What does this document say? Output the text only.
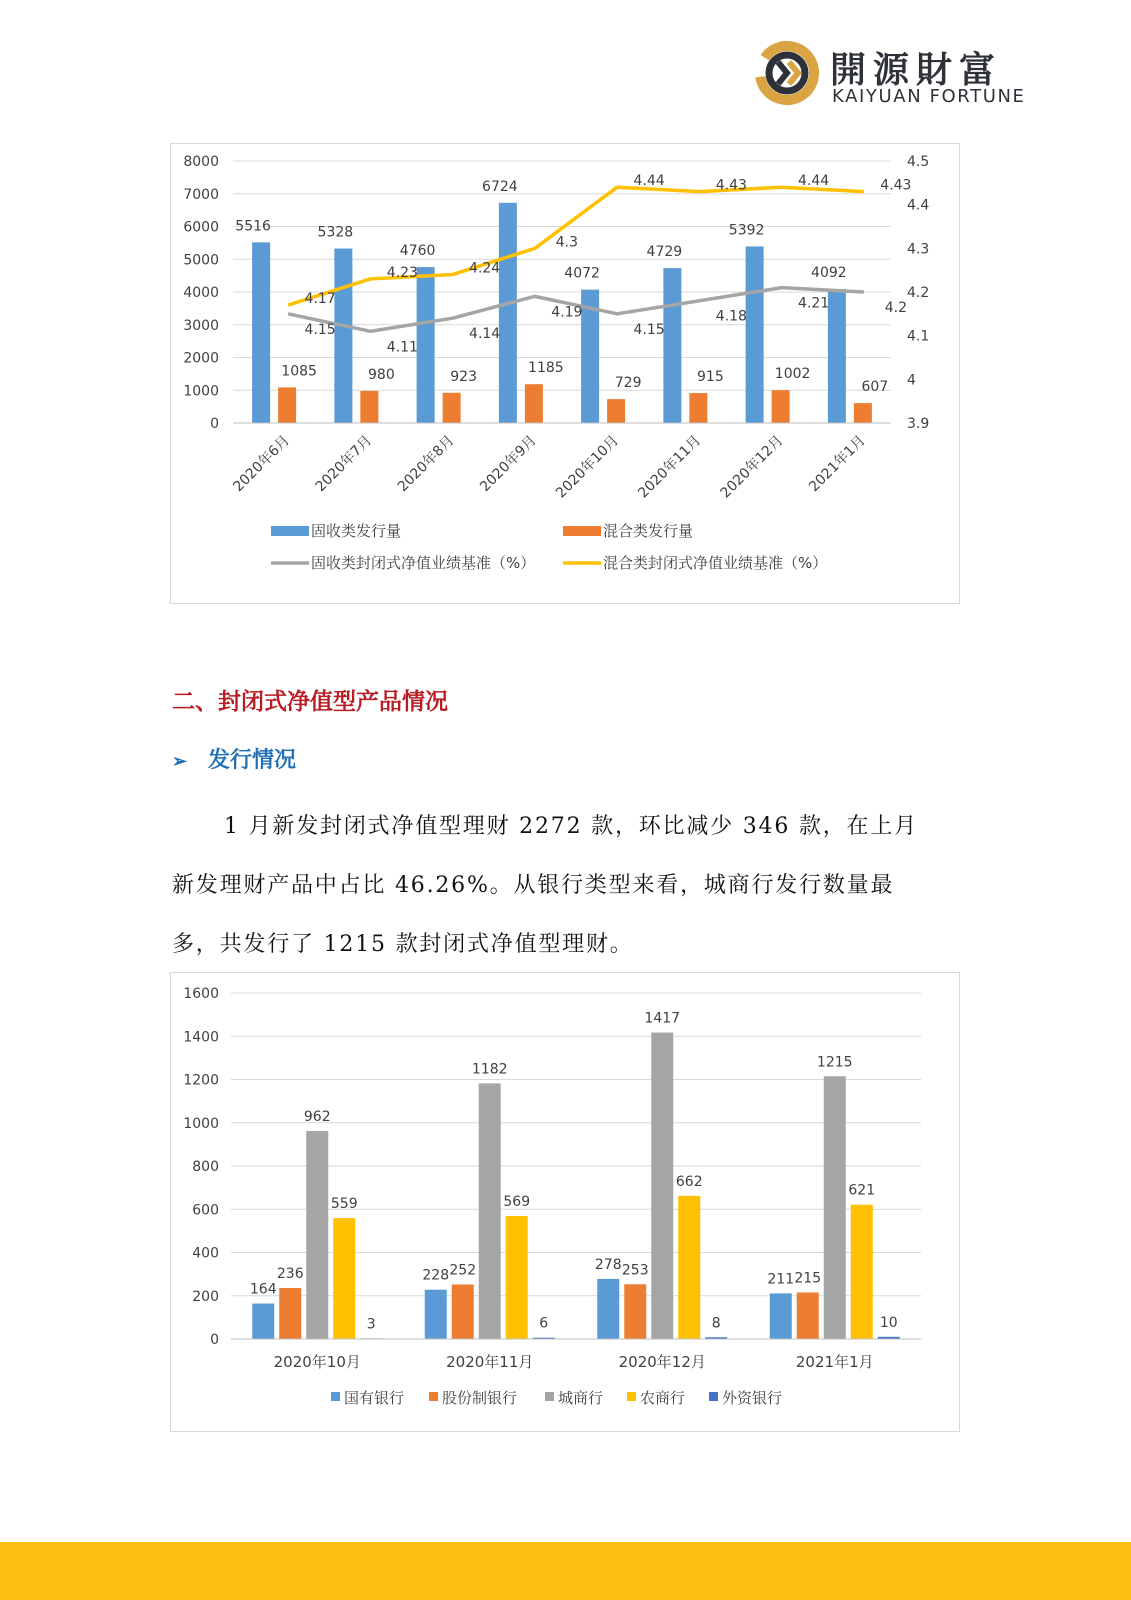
開源財富
KAIYUAN FORTUNE
0
1000
2000
3000
4000
5000
6000
7000
8000
3.9
4
4.1
4.2
4.3
4.4
4.5
5516	5328
4760
6724
4072
4729
5392
4092
1085	980	923
1185
729	915	1002
607
4.15
4.11
4.14
4.19
4.15
4.18
4.21	4.2
4.17
4.23	4.24
4.3
4.44	4.43	4.44	4.43
2020年6月 2020年7月 2020年8月 2020年9月 2020年10月 2020年11月 2020年12月 2021年1月
固收类发行量	混合类发行量
固收类封闭式净值业绩基准（%）	混合类封闭式净值业绩基准（%）
二、封闭式净值型产品情况
➢ 发行情况
1 月新发封闭式净值型理财 2272 款，环比减少 346 款，在上月
新发理财产品中占比 46.26%。从银行类型来看，城商行发行数量最
多，共发行了 1215 款封闭式净值型理财。
0
200
400
600
800
1000
1200
1400
1600
164
228
278
211
236	252	253
215
962
1182
1417
1215
559	569
662
621
3	6	8	10
2020年10月	2020年11月	2020年12月	2021年1月
国有银行	股份制银行	城商行 农商行 外资银行
